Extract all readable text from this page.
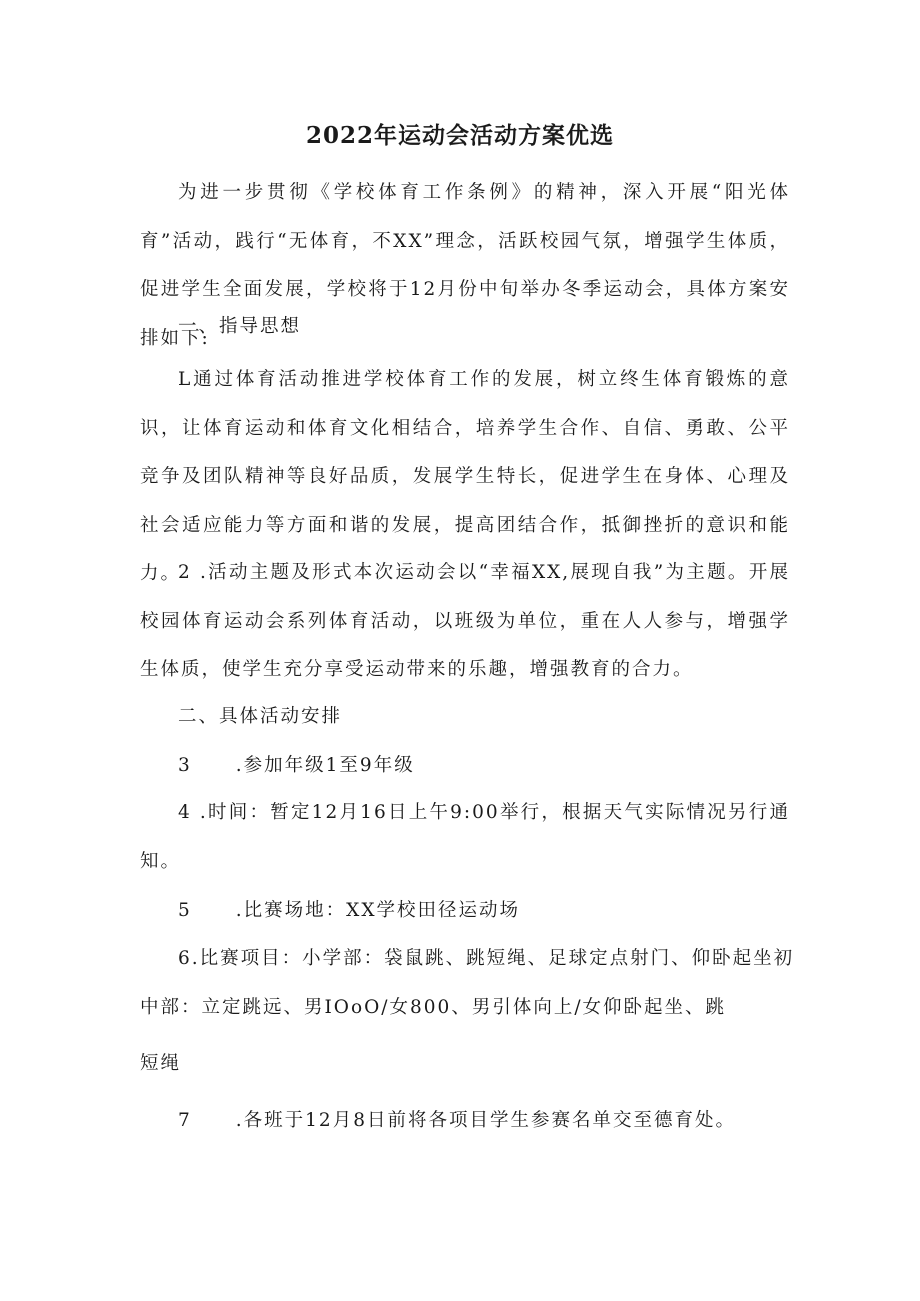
2022年运动会活动方案优选

为进一步贯彻《学校体育工作条例》的精神，深入开展“阳光体育”活动，践行“无体育，不XX”理念，活跃校园气氛，增强学生体质，促进学生全面发展，学校将于12月份中旬举办冬季运动会，具体方案安排如下:

一、指导思想

L通过体育活动推进学校体育工作的发展，树立终生体育锻炼的意识，让体育运动和体育文化相结合，培养学生合作、自信、勇敢、公平竞争及团队精神等良好品质，发展学生特长，促进学生在身体、心理及社会适应能力等方面和谐的发展，提高团结合作，抵御挫折的意识和能力。

2 .活动主题及形式本次运动会以“幸福XX,展现自我”为主题。开展校园体育运动会系列体育活动，以班级为单位，重在人人参与，增强学生体质，使学生充分享受运动带来的乐趣，增强教育的合力。

二、具体活动安排
3 .参加年级1至9年级

4 .时间：暂定12月16日上午9:00举行，根据天气实际情况另行通知。

5 .比赛场地：XX学校田径运动场
6.比赛项目：小学部：袋鼠跳、跳短绳、足球定点射门、仰卧起坐初
中部：立定跳远、男IOoO/女800、男引体向上/女仰卧起坐、跳
短绳
7 .各班于12月8日前将各项目学生参赛名单交至德育处。
